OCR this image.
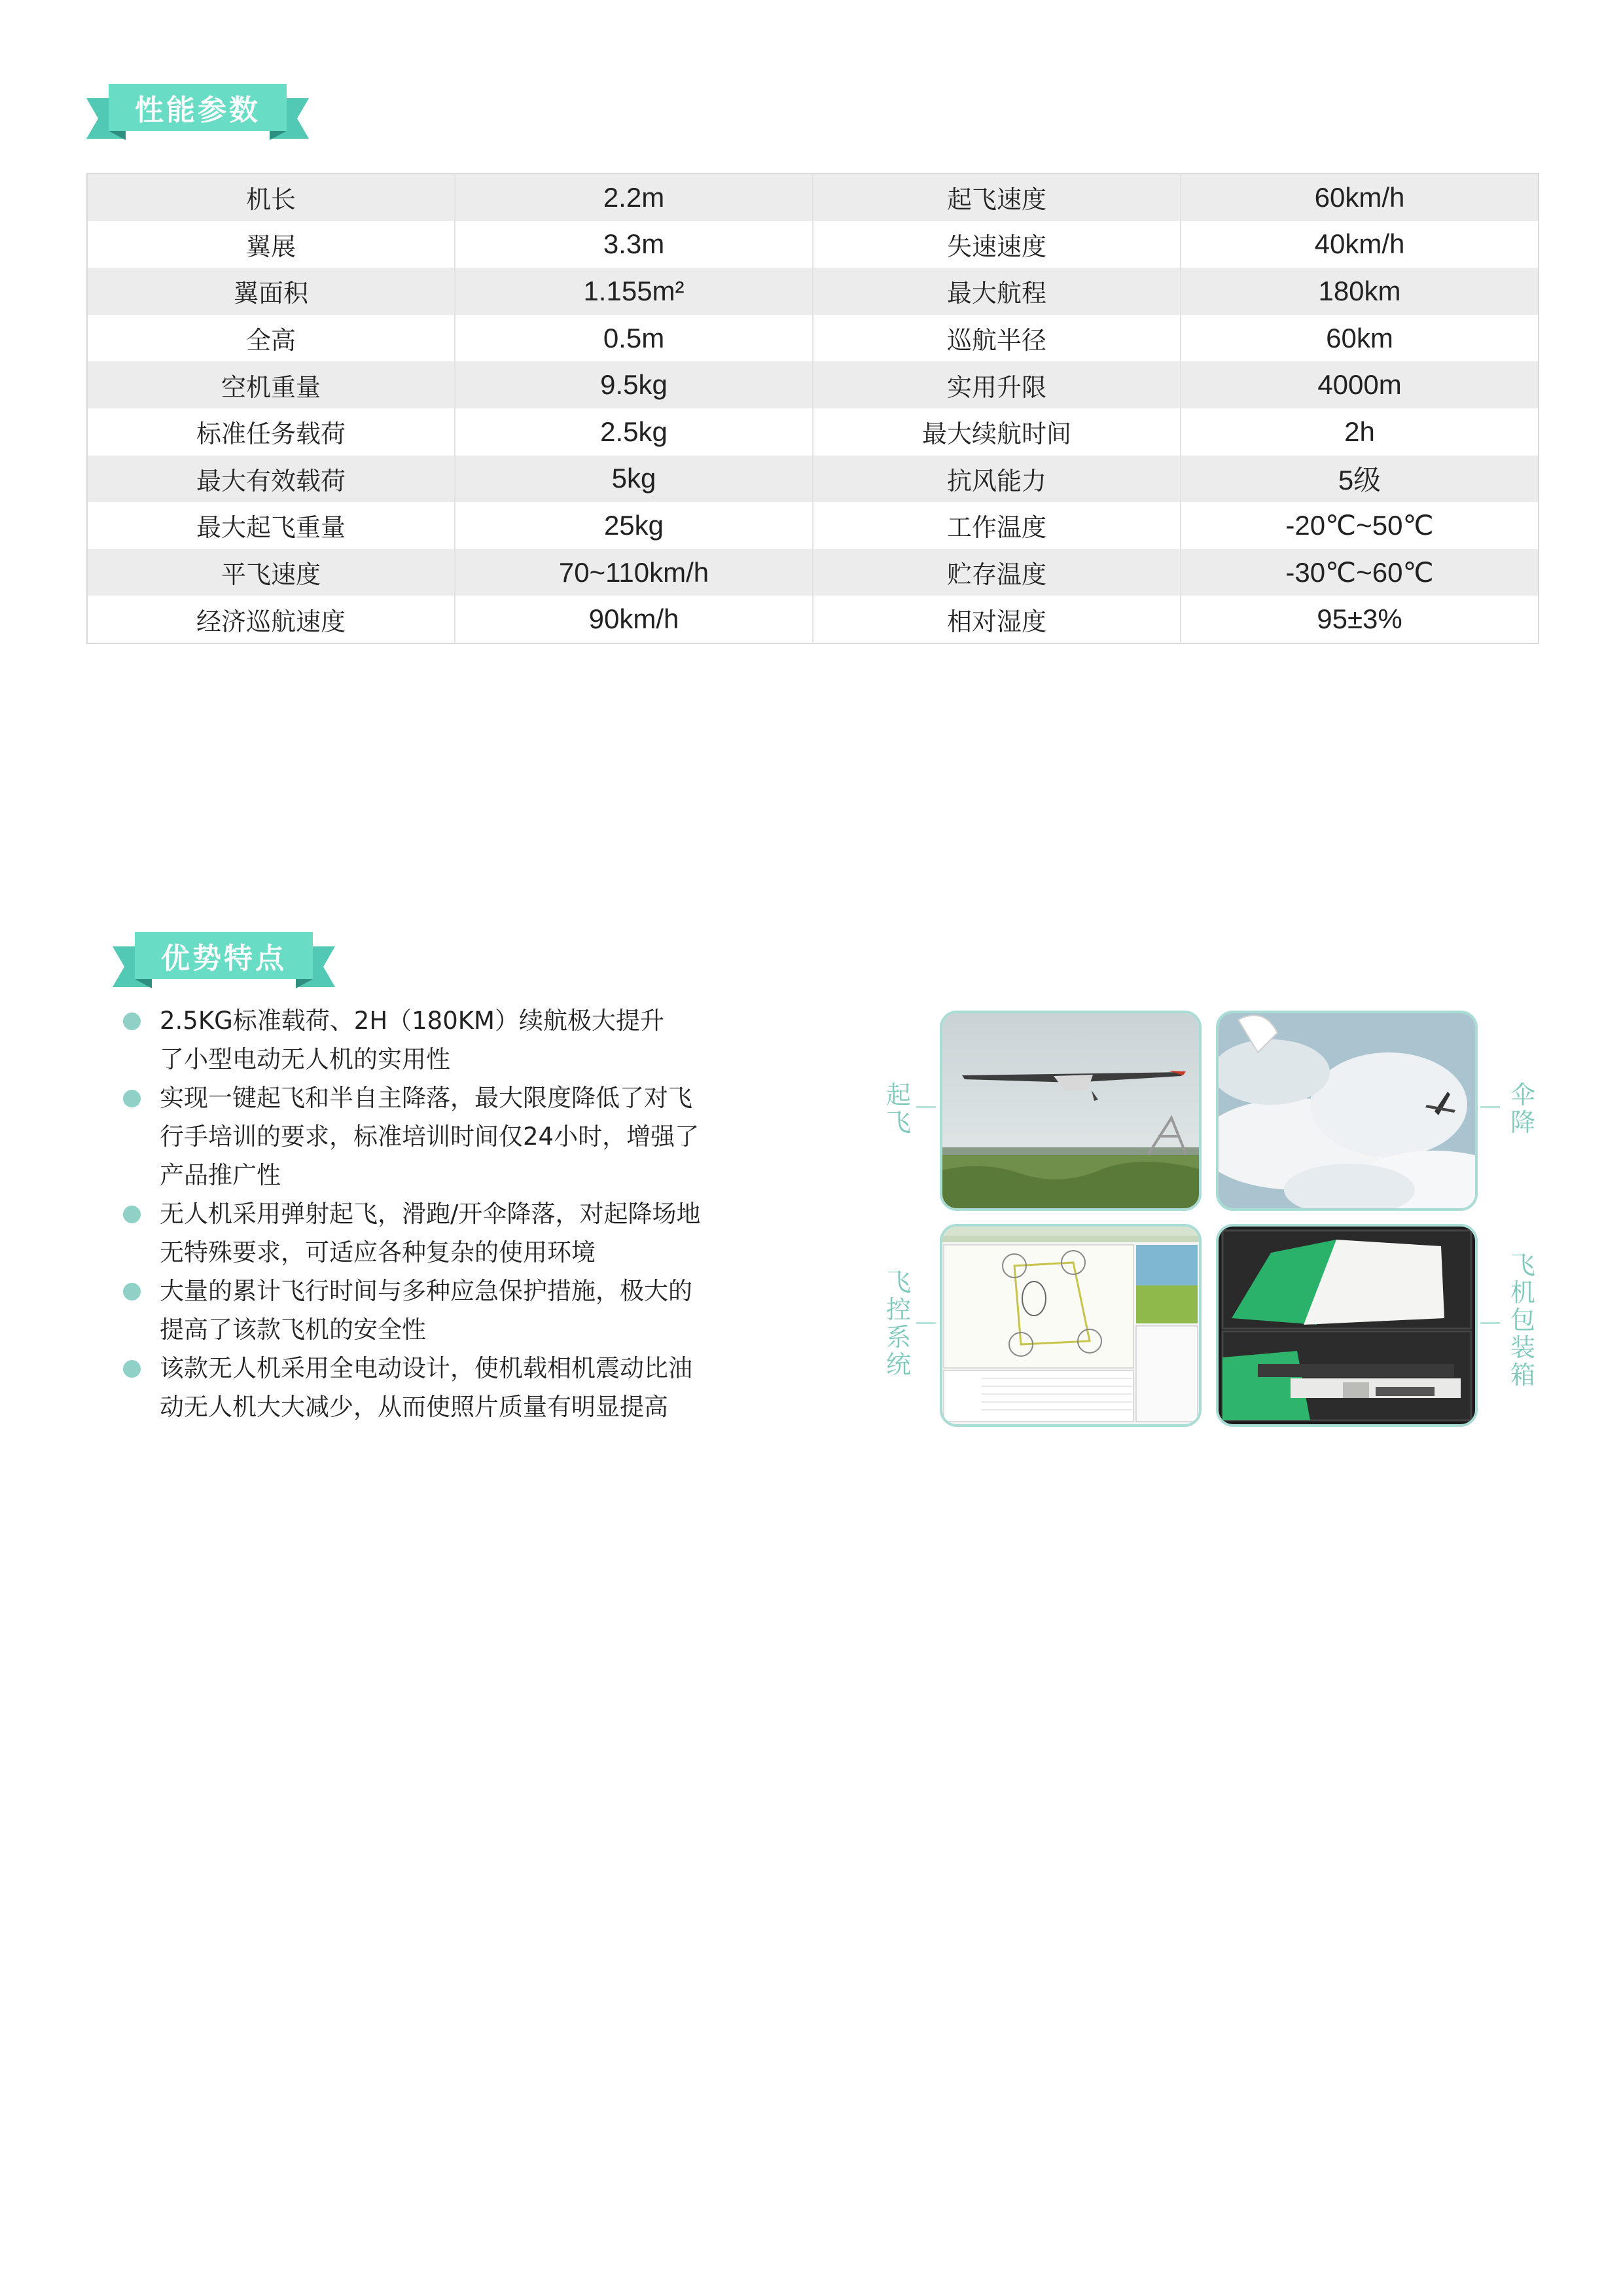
性能参数
机长	2.2m	起飞速度	60km/h
翼展	3.3m	失速速度	40km/h
翼面积	1.155m²	最大航程	180km
全高	0.5m	巡航半径	60km
空机重量	9.5kg	实用升限	4000m
标准任务载荷	2.5kg	最大续航时间	2h
最大有效载荷	5kg	抗风能力	5级
最大起飞重量	25kg	工作温度	-20℃~50℃
平飞速度	70~110km/h	贮存温度	-30℃~60℃
经济巡航速度	90km/h	相对湿度	95±3%
优势特点
2.5KG标准载荷、2H（180KM）续航极大提升
了小型电动无人机的实用性
实现一键起飞和半自主降落，最大限度降低了对飞
行手培训的要求，标准培训时间仅24小时，增强了
产品推广性
无人机采用弹射起飞，滑跑/开伞降落，对起降场地
无特殊要求，可适应各种复杂的使用环境
大量的累计飞行时间与多种应急保护措施，极大的
提高了该款飞机的安全性
该款无人机采用全电动设计，使机载相机震动比油
动无人机大大减少，从而使照片质量有明显提高
起
飞
伞
降
飞
控
系
统
飞
机
包
装
箱
